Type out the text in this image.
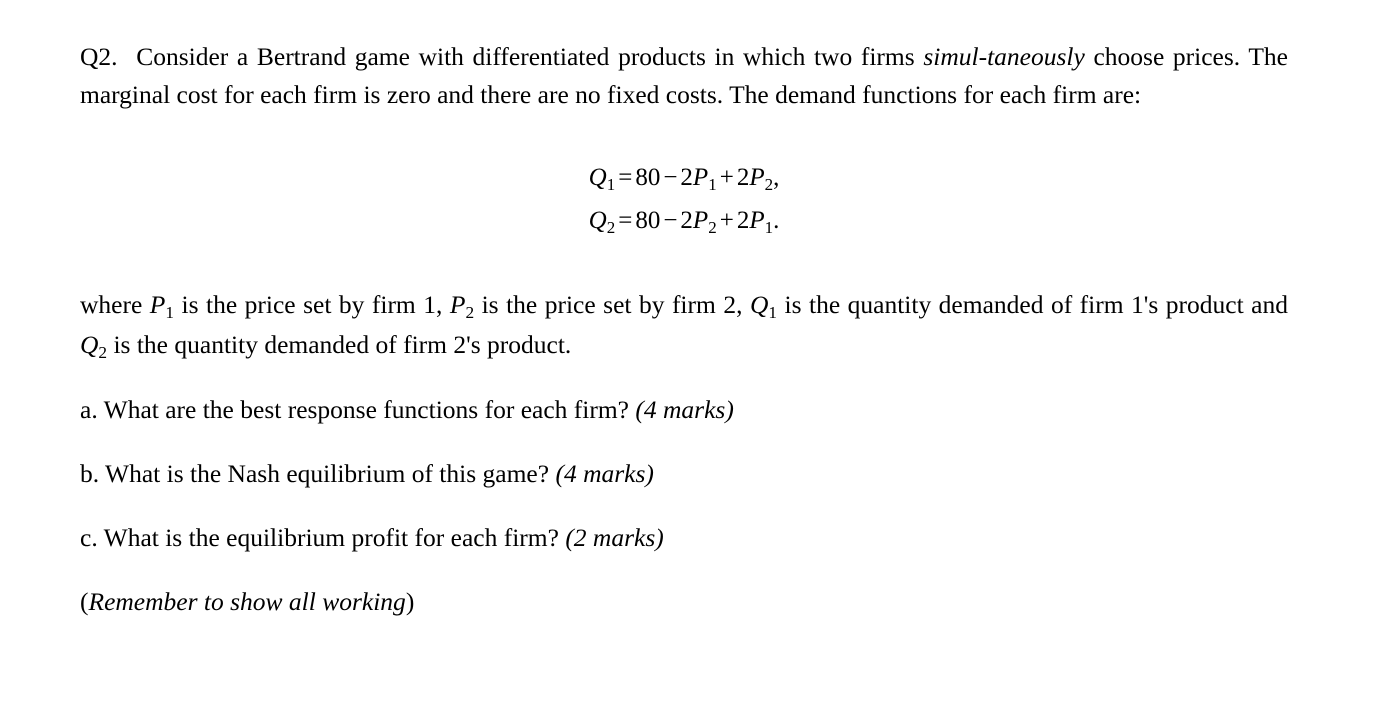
Q2. Consider a Bertrand game with differentiated products in which two firms simul-taneously choose prices. The marginal cost for each firm is zero and there are no fixed costs. The demand functions for each firm are:

$Q_1 = 80 - 2P_1 + 2P_2$,
$Q_2 = 80 - 2P_2 + 2P_1$.

where $P_1$ is the price set by firm 1, $P_2$ is the price set by firm 2, $Q_1$ is the quantity demanded of firm 1's product and $Q_2$ is the quantity demanded of firm 2's product.

a. What are the best response functions for each firm? (4 marks)

b. What is the Nash equilibrium of this game? (4 marks)

c. What is the equilibrium profit for each firm? (2 marks)

(Remember to show all working)
